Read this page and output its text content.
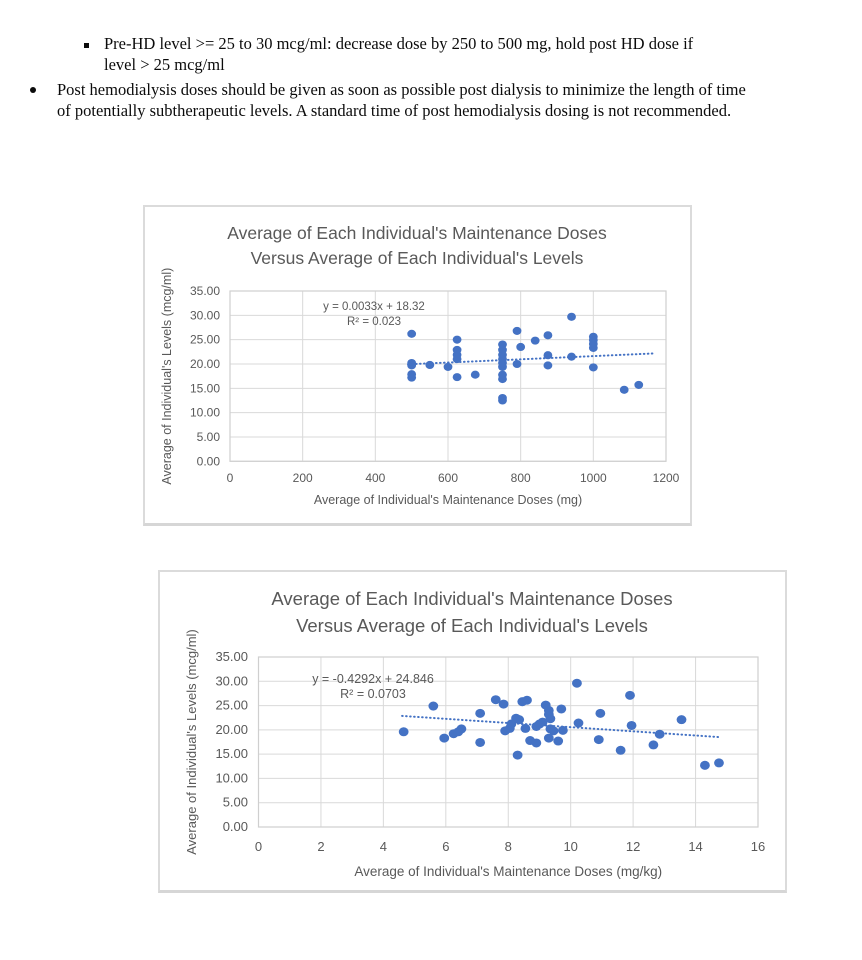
Pre-HD level >= 25 to 30 mcg/ml: decrease dose by 250 to 500 mg, hold post HD dose if
level > 25 mcg/ml
Post hemodialysis doses should be given as soon as possible post dialysis to minimize the length of time
of potentially subtherapeutic levels. A standard time of post hemodialysis dosing is not recommended.
Average of Each Individual's Maintenance Doses
Versus Average of Each Individual's Levels
y = 0.0033x + 18.32
R² = 0.023
0.00
5.00
10.00
15.00
20.00
25.00
30.00
35.00
0	200	400	600	800	1000	1200
Average of Individual's Maintenance Doses (mg)
Average of Individual's Levels (mcg/ml)
Average of Each Individual's Maintenance Doses
Versus Average of Each Individual's Levels
y = -0.4292x + 24.846
R² = 0.0703
0.00
5.00
10.00
15.00
20.00
25.00
30.00
35.00
0	2	4	6	8	10	12	14	16
Average of Individual's Maintenance Doses (mg/kg)
Average of Individual's Levels (mcg/ml)
